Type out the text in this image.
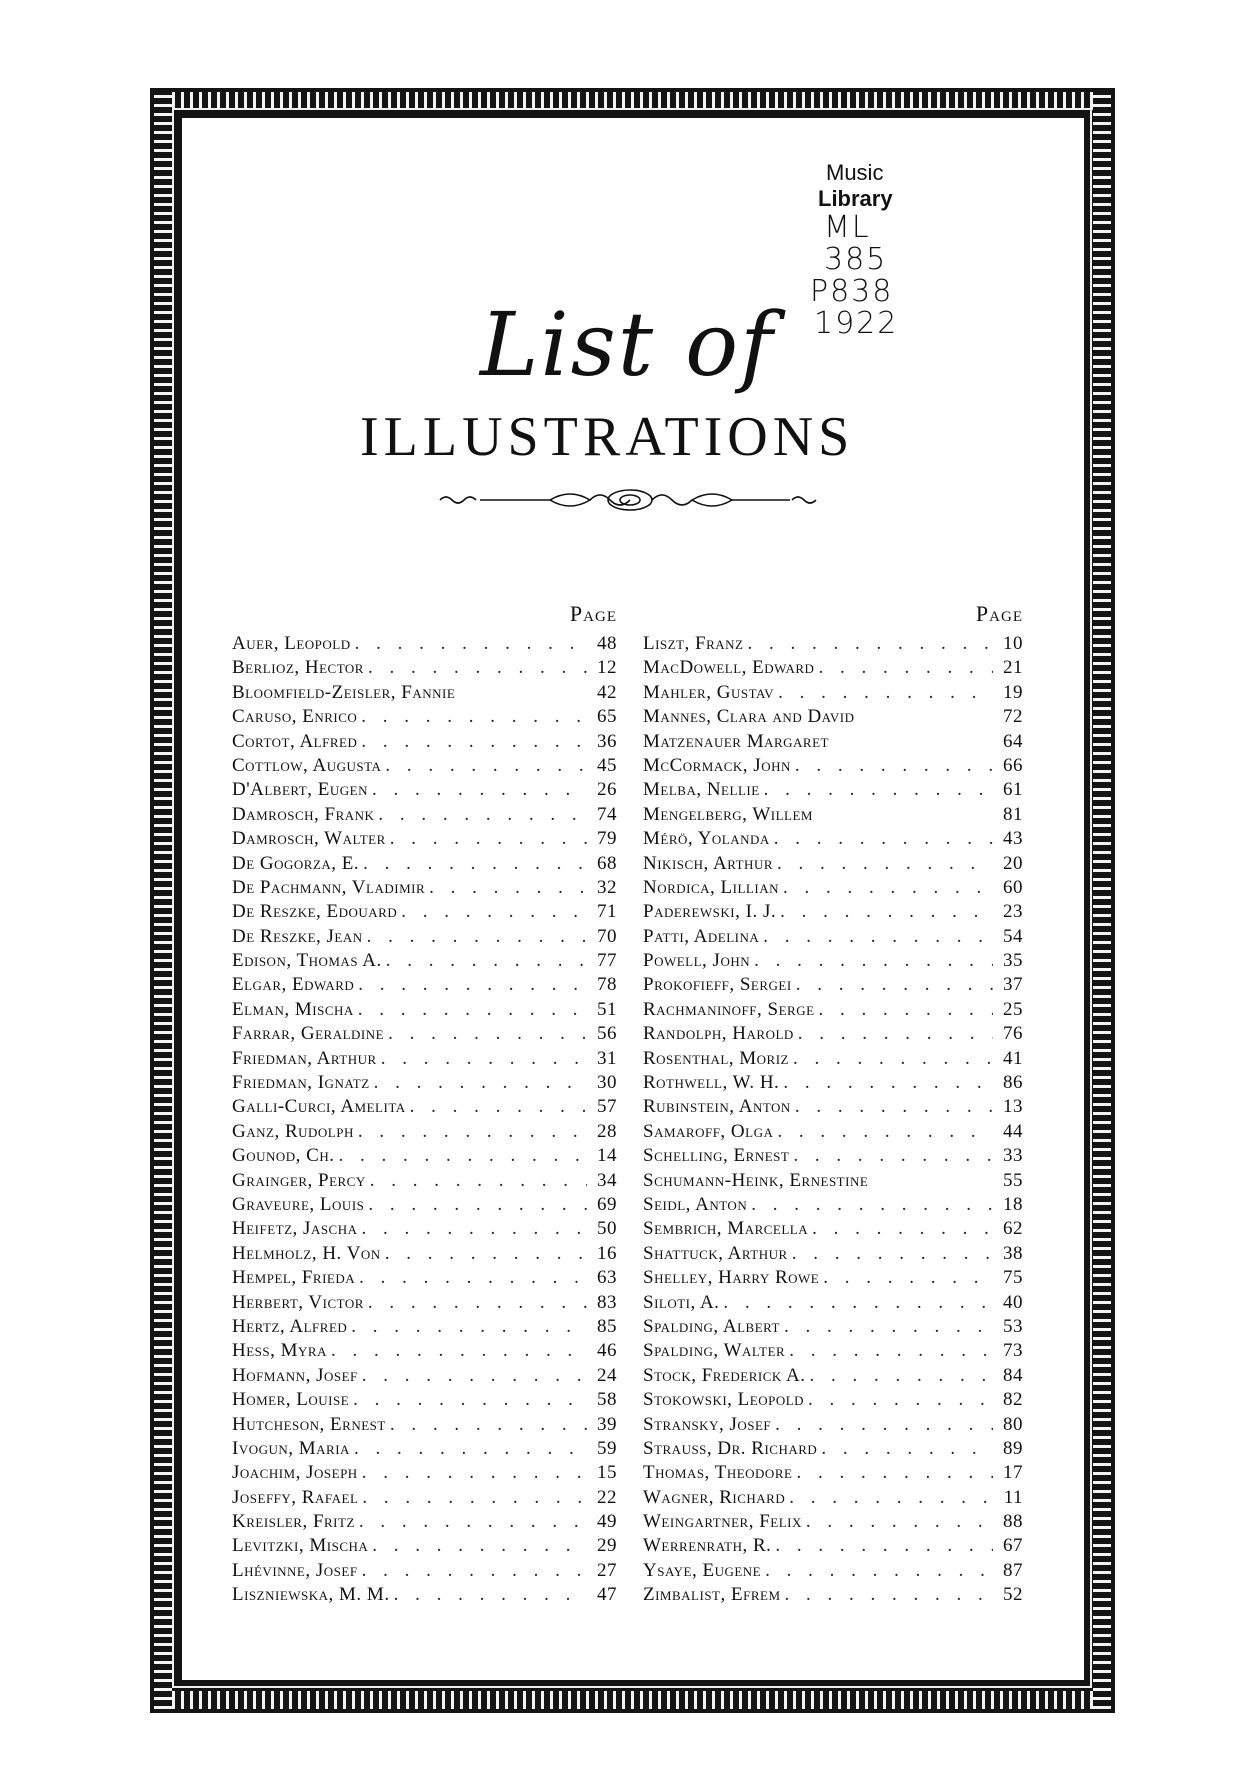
Music
Library
ML
385
P838
1922
List of
ILLUSTRATIONS
Page
Auer, Leopold . . .	48
Berlioz, Hector . . .	12
Bloomfield-Zeisler, Fannie	42
Caruso, Enrico . . .	65
Cortot, Alfred . . .	36
Cottlow, Augusta . . .	45
D'Albert, Eugen . . .	26
Damrosch, Frank . . .	74
Damrosch, Walter . . .	79
De Gogorza, E. . . .	68
De Pachmann, Vladimir . . .	32
De Reszke, Edouard . . .	71
De Reszke, Jean . . .	70
Edison, Thomas A. . . .	77
Elgar, Edward . . .	78
Elman, Mischa . . .	51
Farrar, Geraldine . . .	56
Friedman, Arthur . . .	31
Friedman, Ignatz . . .	30
Galli-Curci, Amelita . . .	57
Ganz, Rudolph . . .	28
Gounod, Ch. . . .	14
Grainger, Percy . . .	34
Graveure, Louis . . .	69
Heifetz, Jascha . . .	50
Helmholz, H. Von . . .	16
Hempel, Frieda . . .	63
Herbert, Victor . . .	83
Hertz, Alfred . . .	85
Hess, Myra . . .	46
Hofmann, Josef . . .	24
Homer, Louise . . .	58
Hutcheson, Ernest . . .	39
Ivogun, Maria . . .	59
Joachim, Joseph . . .	15
Joseffy, Rafael . . .	22
Kreisler, Fritz . . .	49
Levitzki, Mischa . . .	29
Lhévinne, Josef . . .	27
Liszniewska, M. M. . . .	47
Page
Liszt, Franz . . .	10
MacDowell, Edward . . .	21
Mahler, Gustav . . .	19
Mannes, Clara and David	72
Matzenauer Margaret	64
McCormack, John . . .	66
Melba, Nellie . . .	61
Mengelberg, Willem	81
Mérö, Yolanda . . .	43
Nikisch, Arthur . . .	20
Nordica, Lillian . . .	60
Paderewski, I. J. . . .	23
Patti, Adelina . . .	54
Powell, John . . .	35
Prokofieff, Sergei . . .	37
Rachmaninoff, Serge . . .	25
Randolph, Harold . . .	76
Rosenthal, Moriz . . .	41
Rothwell, W. H. . . .	86
Rubinstein, Anton . . .	13
Samaroff, Olga . . .	44
Schelling, Ernest . . .	33
Schumann-Heink, Ernestine	55
Seidl, Anton . . .	18
Sembrich, Marcella . . .	62
Shattuck, Arthur . . .	38
Shelley, Harry Rowe . . .	75
Siloti, A. . . .	40
Spalding, Albert . . .	53
Spalding, Walter . . .	73
Stock, Frederick A. . . .	84
Stokowski, Leopold . . .	82
Stransky, Josef . . .	80
Strauss, Dr. Richard . . .	89
Thomas, Theodore . . .	17
Wagner, Richard . . .	11
Weingartner, Felix . . .	88
Werrenrath, R. . . .	67
Ysaye, Eugene . . .	87
Zimbalist, Efrem . . .	52
